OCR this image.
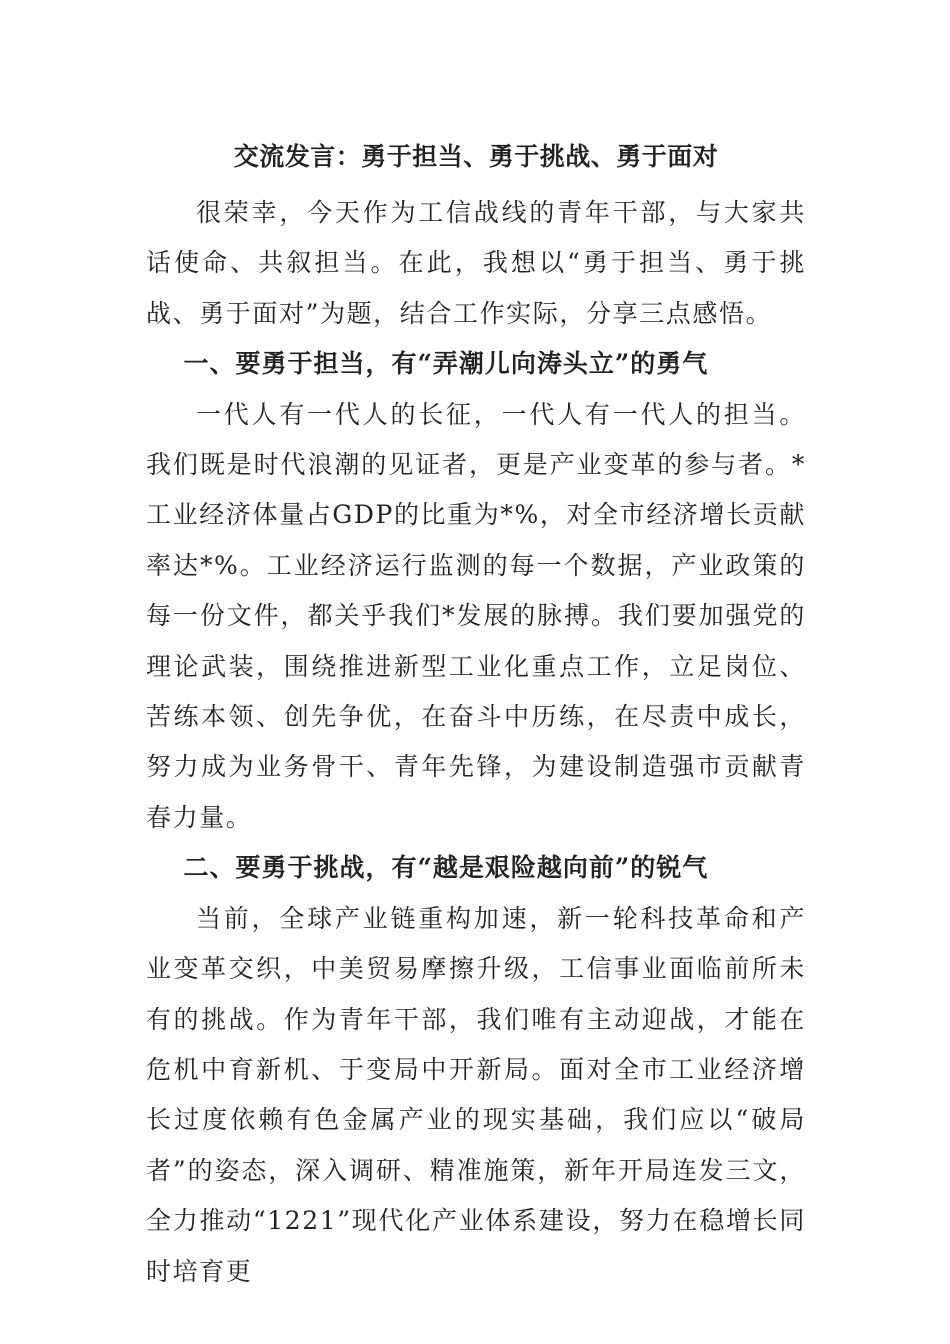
交流发言：勇于担当、勇于挑战、勇于面对

很荣幸，今天作为工信战线的青年干部，与大家共话使命、共叙担当。在此，我想以“勇于担当、勇于挑战、勇于面对”为题，结合工作实际，分享三点感悟。

一、要勇于担当，有“弄潮儿向涛头立”的勇气

一代人有一代人的长征，一代人有一代人的担当。我们既是时代浪潮的见证者，更是产业变革的参与者。*工业经济体量占GDP的比重为*%，对全市经济增长贡献率达*%。工业经济运行监测的每一个数据，产业政策的每一份文件，都关乎我们*发展的脉搏。我们要加强党的理论武装，围绕推进新型工业化重点工作，立足岗位、苦练本领、创先争优，在奋斗中历练，在尽责中成长，努力成为业务骨干、青年先锋，为建设制造强市贡献青春力量。

二、要勇于挑战，有“越是艰险越向前”的锐气

当前，全球产业链重构加速，新一轮科技革命和产业变革交织，中美贸易摩擦升级，工信事业面临前所未有的挑战。作为青年干部，我们唯有主动迎战，才能在危机中育新机、于变局中开新局。面对全市工业经济增长过度依赖有色金属产业的现实基础，我们应以“破局者”的姿态，深入调研、精准施策，新年开局连发三文，全力推动“1221”现代化产业体系建设，努力在稳增长同时培育更
